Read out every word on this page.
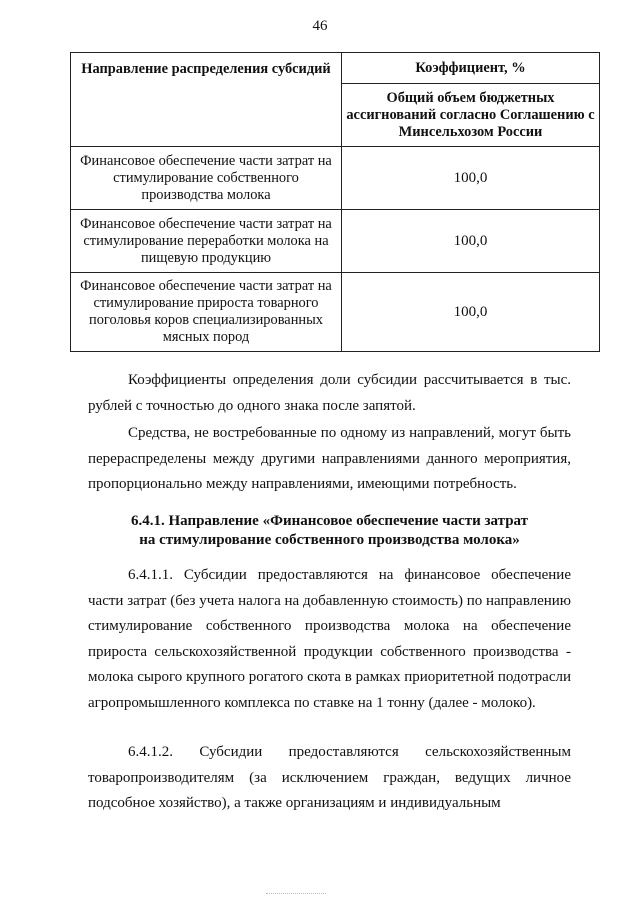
46
Направление распределения субсидий	Коэффициент, %
	Общий объем бюджетных ассигнований согласно Соглашению с Минсельхозом России
Финансовое обеспечение части затрат на стимулирование собственного производства молока	100,0
Финансовое обеспечение части затрат на стимулирование переработки молока на пищевую продукцию	100,0
Финансовое обеспечение части затрат на стимулирование прироста товарного поголовья коров специализированных мясных пород	100,0

Коэффициенты определения доли субсидии рассчитывается в тыс. рублей с точностью до одного знака после запятой.

Средства, не востребованные по одному из направлений, могут быть перераспределены между другими направлениями данного мероприятия, пропорционально между направлениями, имеющими потребность.

6.4.1. Направление «Финансовое обеспечение части затрат
на стимулирование собственного производства молока»

6.4.1.1. Субсидии предоставляются на финансовое обеспечение части затрат (без учета налога на добавленную стоимость) по направлению стимулирование собственного производства молока на обеспечение прироста сельскохозяйственной продукции собственного производства - молока сырого крупного рогатого скота в рамках приоритетной подотрасли агропромышленного комплекса по ставке на 1 тонну (далее - молоко).

6.4.1.2. Субсидии предоставляются сельскохозяйственным товаропроизводителям (за исключением граждан, ведущих личное подсобное хозяйство), а также организациям и индивидуальным
